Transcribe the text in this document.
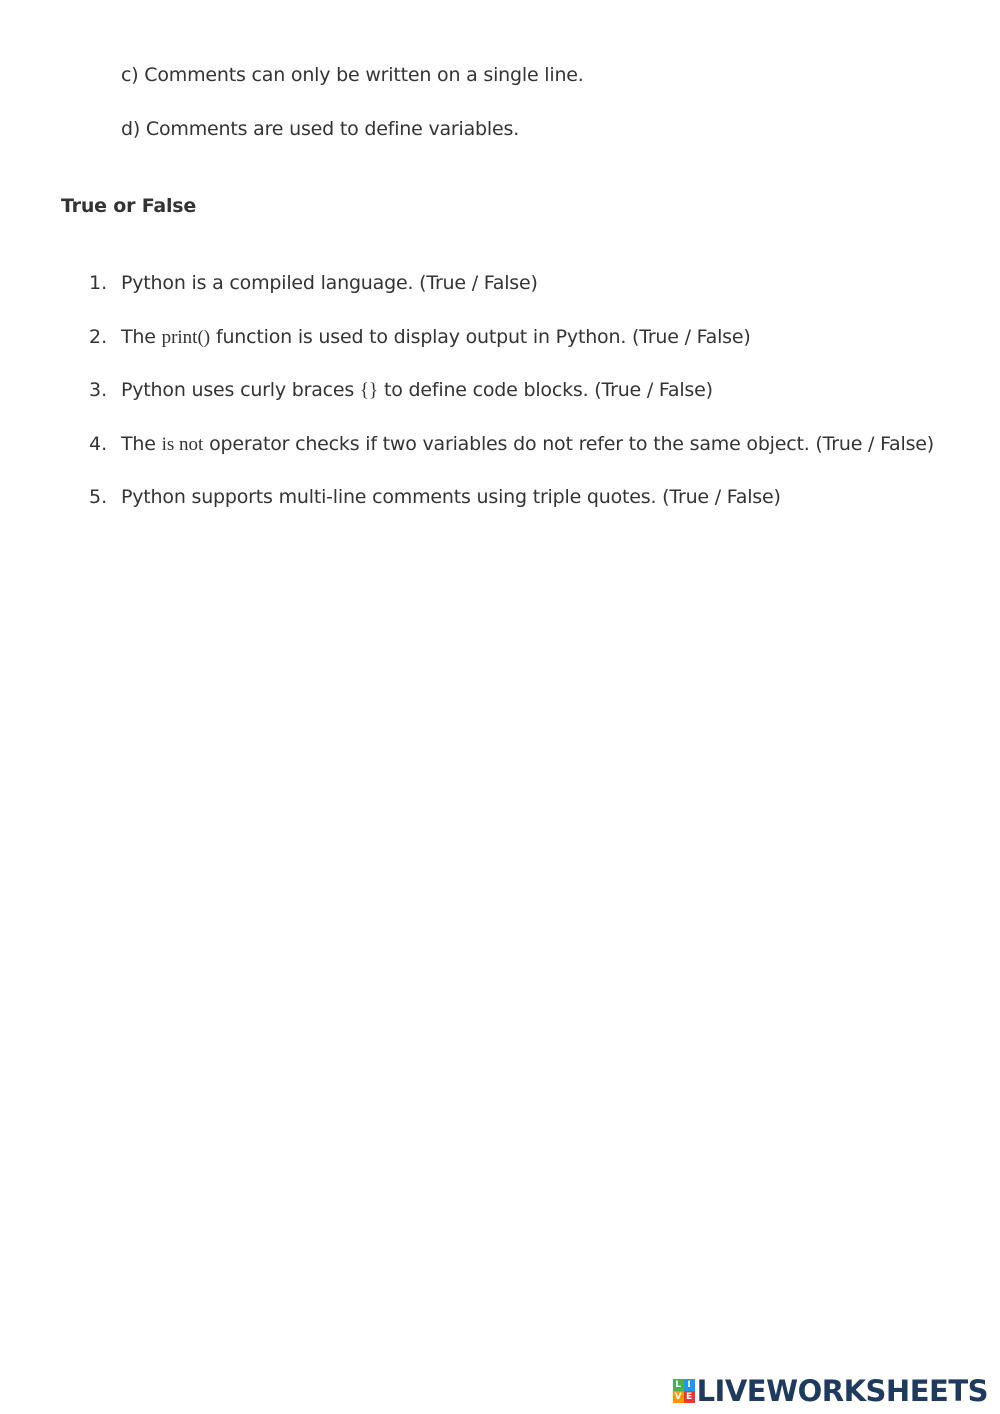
c) Comments can only be written on a single line.
d) Comments are used to define variables.
True or False
1. Python is a compiled language. (True / False)
2. The print() function is used to display output in Python. (True / False)
3. Python uses curly braces {} to define code blocks. (True / False)
4. The is not operator checks if two variables do not refer to the same object. (True / False)
5. Python supports multi-line comments using triple quotes. (True / False)
L I
V E LIVEWORKSHEETS
